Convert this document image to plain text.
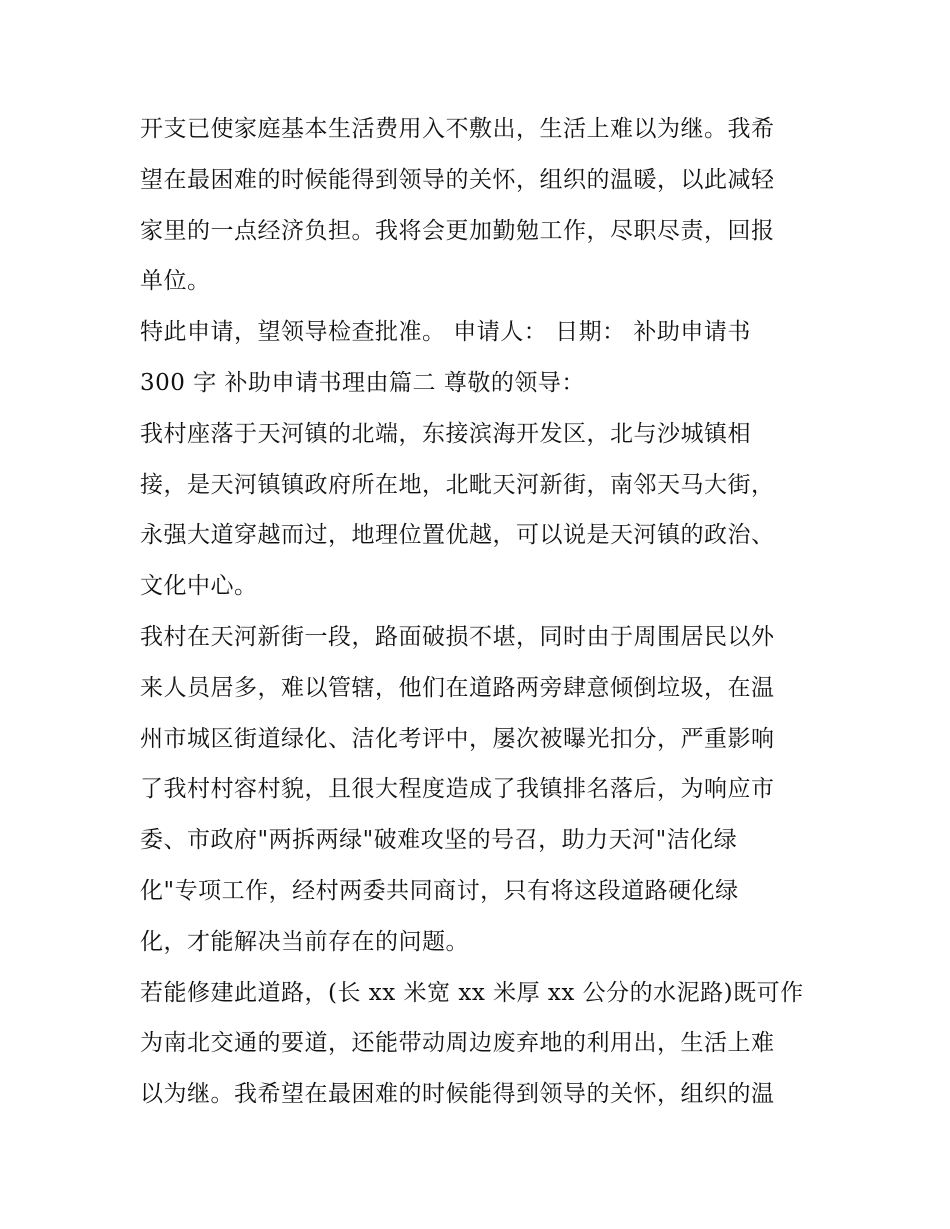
开支已使家庭基本生活费用入不敷出，生活上难以为继。我希
望在最困难的时候能得到领导的关怀，组织的温暖，以此减轻
家里的一点经济负担。我将会更加勤勉工作，尽职尽责，回报
单位。
特此申请，望领导检查批准。 申请人： 日期： 补助申请书
300 字 补助申请书理由篇二 尊敬的领导：
我村座落于天河镇的北端，东接滨海开发区，北与沙城镇相
接，是天河镇镇政府所在地，北毗天河新街，南邻天马大街，
永强大道穿越而过，地理位置优越，可以说是天河镇的政治、
文化中心。
我村在天河新街一段，路面破损不堪，同时由于周围居民以外
来人员居多，难以管辖，他们在道路两旁肆意倾倒垃圾，在温
州市城区街道绿化、洁化考评中，屡次被曝光扣分，严重影响
了我村村容村貌，且很大程度造成了我镇排名落后，为响应市
委、市政府"两拆两绿"破难攻坚的号召，助力天河"洁化绿
化"专项工作，经村两委共同商讨，只有将这段道路硬化绿
化，才能解决当前存在的问题。
若能修建此道路，(长 xx 米宽 xx 米厚 xx 公分的水泥路)既可作
为南北交通的要道，还能带动周边废弃地的利用出，生活上难
以为继。我希望在最困难的时候能得到领导的关怀，组织的温
